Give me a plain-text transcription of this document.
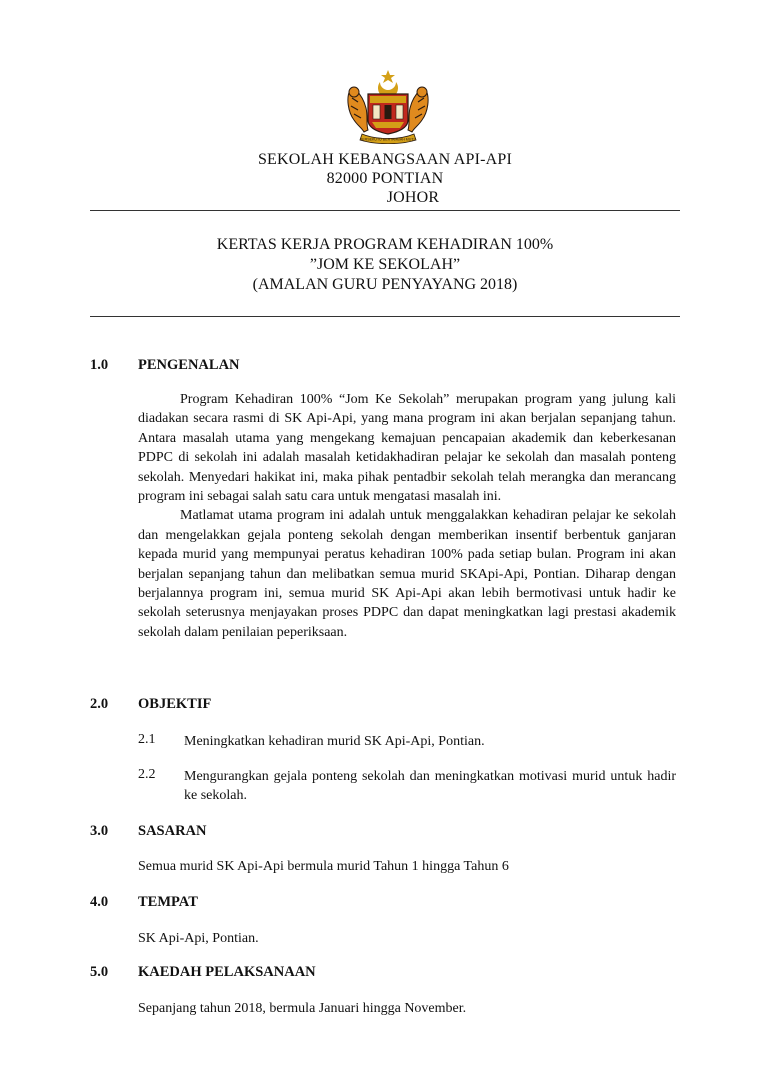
BERSEKUTU BERTAMBAH MUTU
SEKOLAH KEBANGSAAN API-API
82000 PONTIAN
JOHOR
KERTAS KERJA PROGRAM KEHADIRAN 100%
”JOM KE SEKOLAH”
(AMALAN GURU PENYAYANG 2018)
1.0 PENGENALAN

Program Kehadiran 100% “Jom Ke Sekolah” merupakan program yang julung kali diadakan secara rasmi di SK Api-Api, yang mana program ini akan berjalan sepanjang tahun. Antara masalah utama yang mengekang kemajuan pencapaian akademik dan keberkesanan PDPC di sekolah ini adalah masalah ketidakhadiran pelajar ke sekolah dan masalah ponteng sekolah. Menyedari hakikat ini, maka pihak pentadbir sekolah telah merangka dan merancang program ini sebagai salah satu cara untuk mengatasi masalah ini.

Matlamat utama program ini adalah untuk menggalakkan kehadiran pelajar ke sekolah dan mengelakkan gejala ponteng sekolah dengan memberikan insentif berbentuk ganjaran kepada murid yang mempunyai peratus kehadiran 100% pada setiap bulan. Program ini akan berjalan sepanjang tahun dan melibatkan semua murid SKApi-Api, Pontian. Diharap dengan berjalannya program ini, semua murid SK Api-Api akan lebih bermotivasi untuk hadir ke sekolah seterusnya menjayakan proses PDPC dan dapat meningkatkan lagi prestasi akademik sekolah dalam penilaian peperiksaan.

2.0 OBJEKTIF
2.1 Meningkatkan kehadiran murid SK Api-Api, Pontian.
2.2 Mengurangkan gejala ponteng sekolah dan meningkatkan motivasi murid untuk hadir ke sekolah.
3.0 SASARAN
Semua murid SK Api-Api bermula murid Tahun 1 hingga Tahun 6
4.0 TEMPAT
SK Api-Api, Pontian.
5.0 KAEDAH PELAKSANAAN
Sepanjang tahun 2018, bermula Januari hingga November.
